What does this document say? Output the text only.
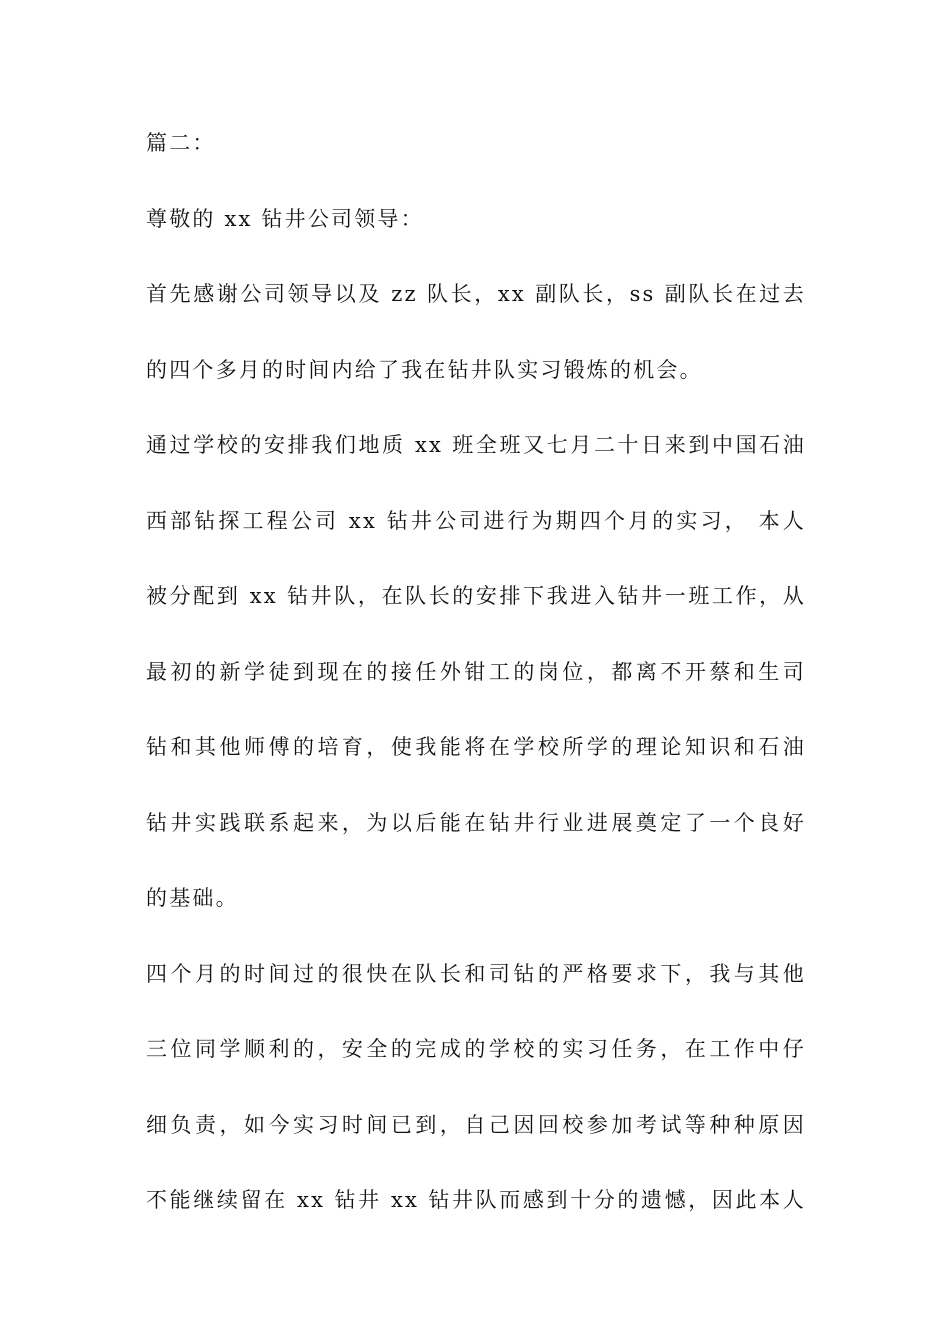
篇二：
尊敬的 xx 钻井公司领导：
首先感谢公司领导以及 zz 队长，xx 副队长，ss 副队长在过去
的四个多月的时间内给了我在钻井队实习锻炼的机会。
通过学校的安排我们地质 xx 班全班又七月二十日来到中国石油
西部钻探工程公司 xx 钻井公司进行为期四个月的实习， 本人
被分配到 xx 钻井队，在队长的安排下我进入钻井一班工作，从
最初的新学徒到现在的接任外钳工的岗位，都离不开蔡和生司
钻和其他师傅的培育，使我能将在学校所学的理论知识和石油
钻井实践联系起来，为以后能在钻井行业进展奠定了一个良好
的基础。
四个月的时间过的很快在队长和司钻的严格要求下，我与其他
三位同学顺利的，安全的完成的学校的实习任务，在工作中仔
细负责，如今实习时间已到，自己因回校参加考试等种种原因
不能继续留在 xx 钻井 xx 钻井队而感到十分的遗憾，因此本人
